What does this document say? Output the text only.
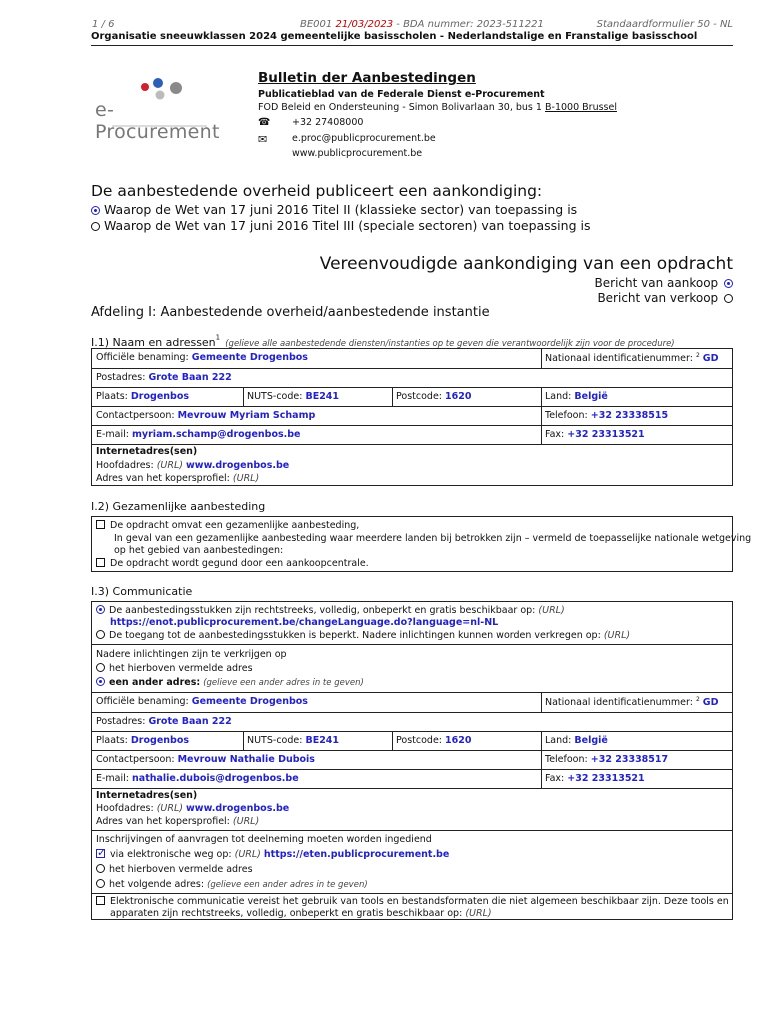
1 / 6	BE001 21/03/2023 - BDA nummer: 2023-511221	Standaardformulier 50 - NL
Organisatie sneeuwklassen 2024 gemeentelijke basisscholen - Nederlandstalige en Franstalige basisschool
e-Procurement
Bulletin der Aanbestedingen
Publicatieblad van de Federale Dienst e-Procurement
FOD Beleid en Ondersteuning - Simon Bolivarlaan 30, bus 1 B-1000 Brussel
☎ +32 27408000
✉	e.proc@publicprocurement.be
www.publicprocurement.be
De aanbestedende overheid publiceert een aankondiging:
Waarop de Wet van 17 juni 2016 Titel II (klassieke sector) van toepassing is
Waarop de Wet van 17 juni 2016 Titel III (speciale sectoren) van toepassing is
Vereenvoudigde aankondiging van een opdracht
Bericht van aankoop
Bericht van verkoop
Afdeling I: Aanbestedende overheid/aanbestedende instantie
I.1) Naam en adressen$^1$ (gelieve alle aanbestedende diensten/instanties op te geven die verantwoordelijk zijn voor de procedure)
Officiële benaming: Gemeente Drogenbos	Nationaal identificatienummer: $^2$ GD
Postadres: Grote Baan 222
Plaats: Drogenbos	NUTS-code: BE241	Postcode: 1620	Land: België
Contactpersoon: Mevrouw Myriam Schamp	Telefoon: +32 23338515
E-mail: myriam.schamp@drogenbos.be	Fax: +32 23313521
Internetadres(sen)
Hoofdadres: (URL) www.drogenbos.be
Adres van het kopersprofiel: (URL)
I.2) Gezamenlijke aanbesteding
De opdracht omvat een gezamenlijke aanbesteding,
In geval van een gezamenlijke aanbesteding waar meerdere landen bij betrokken zijn – vermeld de toepasselijke nationale wetgeving
op het gebied van aanbestedingen:
De opdracht wordt gegund door een aankoopcentrale.
I.3) Communicatie
De aanbestedingsstukken zijn rechtstreeks, volledig, onbeperkt en gratis beschikbaar op: (URL)
https://enot.publicprocurement.be/changeLanguage.do?language=nl-NL
De toegang tot de aanbestedingsstukken is beperkt. Nadere inlichtingen kunnen worden verkregen op: (URL)
Nadere inlichtingen zijn te verkrijgen op
het hierboven vermelde adres
een ander adres: (gelieve een ander adres in te geven)
Officiële benaming: Gemeente Drogenbos	Nationaal identificatienummer: $^2$ GD
Postadres: Grote Baan 222
Plaats: Drogenbos	NUTS-code: BE241	Postcode: 1620	Land: België
Contactpersoon: Mevrouw Nathalie Dubois	Telefoon: +32 23338517
E-mail: nathalie.dubois@drogenbos.be	Fax: +32 23313521
Internetadres(sen)
Hoofdadres: (URL) www.drogenbos.be
Adres van het kopersprofiel: (URL)
Inschrijvingen of aanvragen tot deelneming moeten worden ingediend
✓via elektronische weg op: (URL) https://eten.publicprocurement.be
het hierboven vermelde adres
het volgende adres: (gelieve een ander adres in te geven)
Elektronische communicatie vereist het gebruik van tools en bestandsformaten die niet algemeen beschikbaar zijn. Deze tools en
apparaten zijn rechtstreeks, volledig, onbeperkt en gratis beschikbaar op: (URL)
